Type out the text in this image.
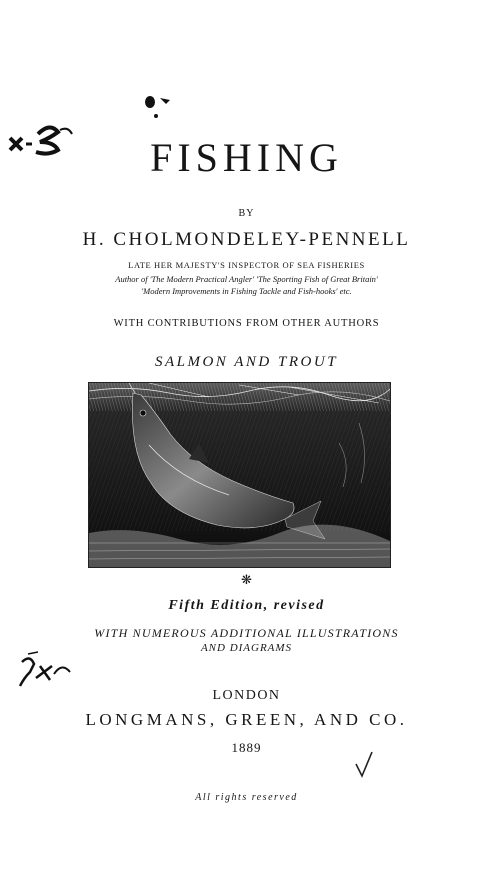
FISHING
BY
H. CHOLMONDELEY-PENNELL
LATE HER MAJESTY'S INSPECTOR OF SEA FISHERIES
Author of 'The Modern Practical Angler' 'The Sporting Fish of Great Britain'
'Modern Improvements in Fishing Tackle and Fish-hooks' etc.
WITH CONTRIBUTIONS FROM OTHER AUTHORS
SALMON AND TROUT
❋
Fifth Edition, revised
WITH NUMEROUS ADDITIONAL ILLUSTRATIONS
AND DIAGRAMS
LONDON
LONGMANS, GREEN, AND CO.
1889
All rights reserved
